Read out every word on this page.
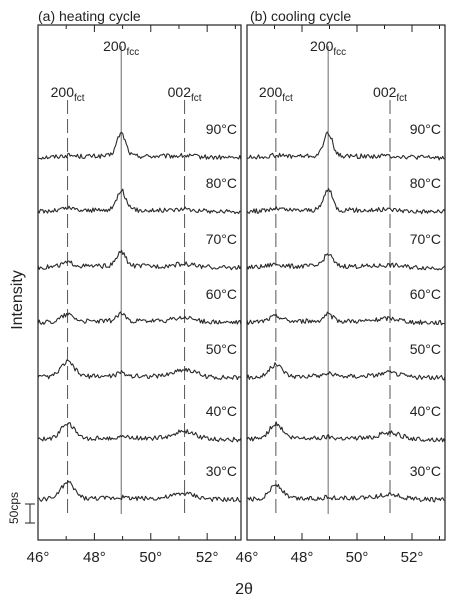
(a) heating cycle	(b) cooling cycle
Intensity
50cps
2θ
$200_{fct}$
$200_{fcc}$
$002_{fct}$
90°C
80°C
70°C
60°C
50°C
40°C
30°C
46° 48° 50° 52°
$200_{fct}$
$200_{fcc}$
$002_{fct}$
90°C
80°C
70°C
60°C
50°C
40°C
30°C
46° 48° 50° 52°
